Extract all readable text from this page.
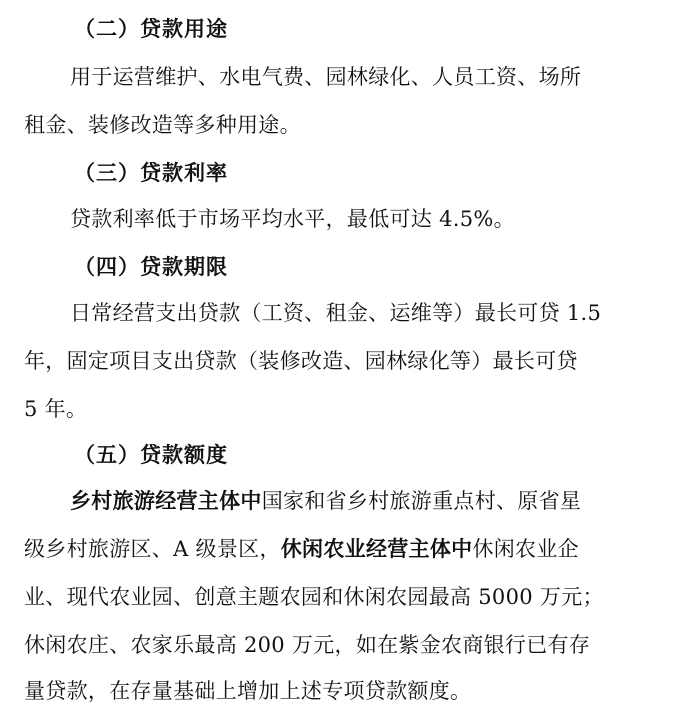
（二）贷款用途
用于运营维护、水电气费、园林绿化、人员工资、场所
租金、装修改造等多种用途。
（三）贷款利率
贷款利率低于市场平均水平，最低可达 4.5%。
（四）贷款期限
日常经营支出贷款（工资、租金、运维等）最长可贷 1.5
年，固定项目支出贷款（装修改造、园林绿化等）最长可贷
5 年。
（五）贷款额度
乡村旅游经营主体中国家和省乡村旅游重点村、原省星
级乡村旅游区、A 级景区，休闲农业经营主体中休闲农业企
业、现代农业园、创意主题农园和休闲农园最高 5000 万元；
休闲农庄、农家乐最高 200 万元，如在紫金农商银行已有存
量贷款，在存量基础上增加上述专项贷款额度。
